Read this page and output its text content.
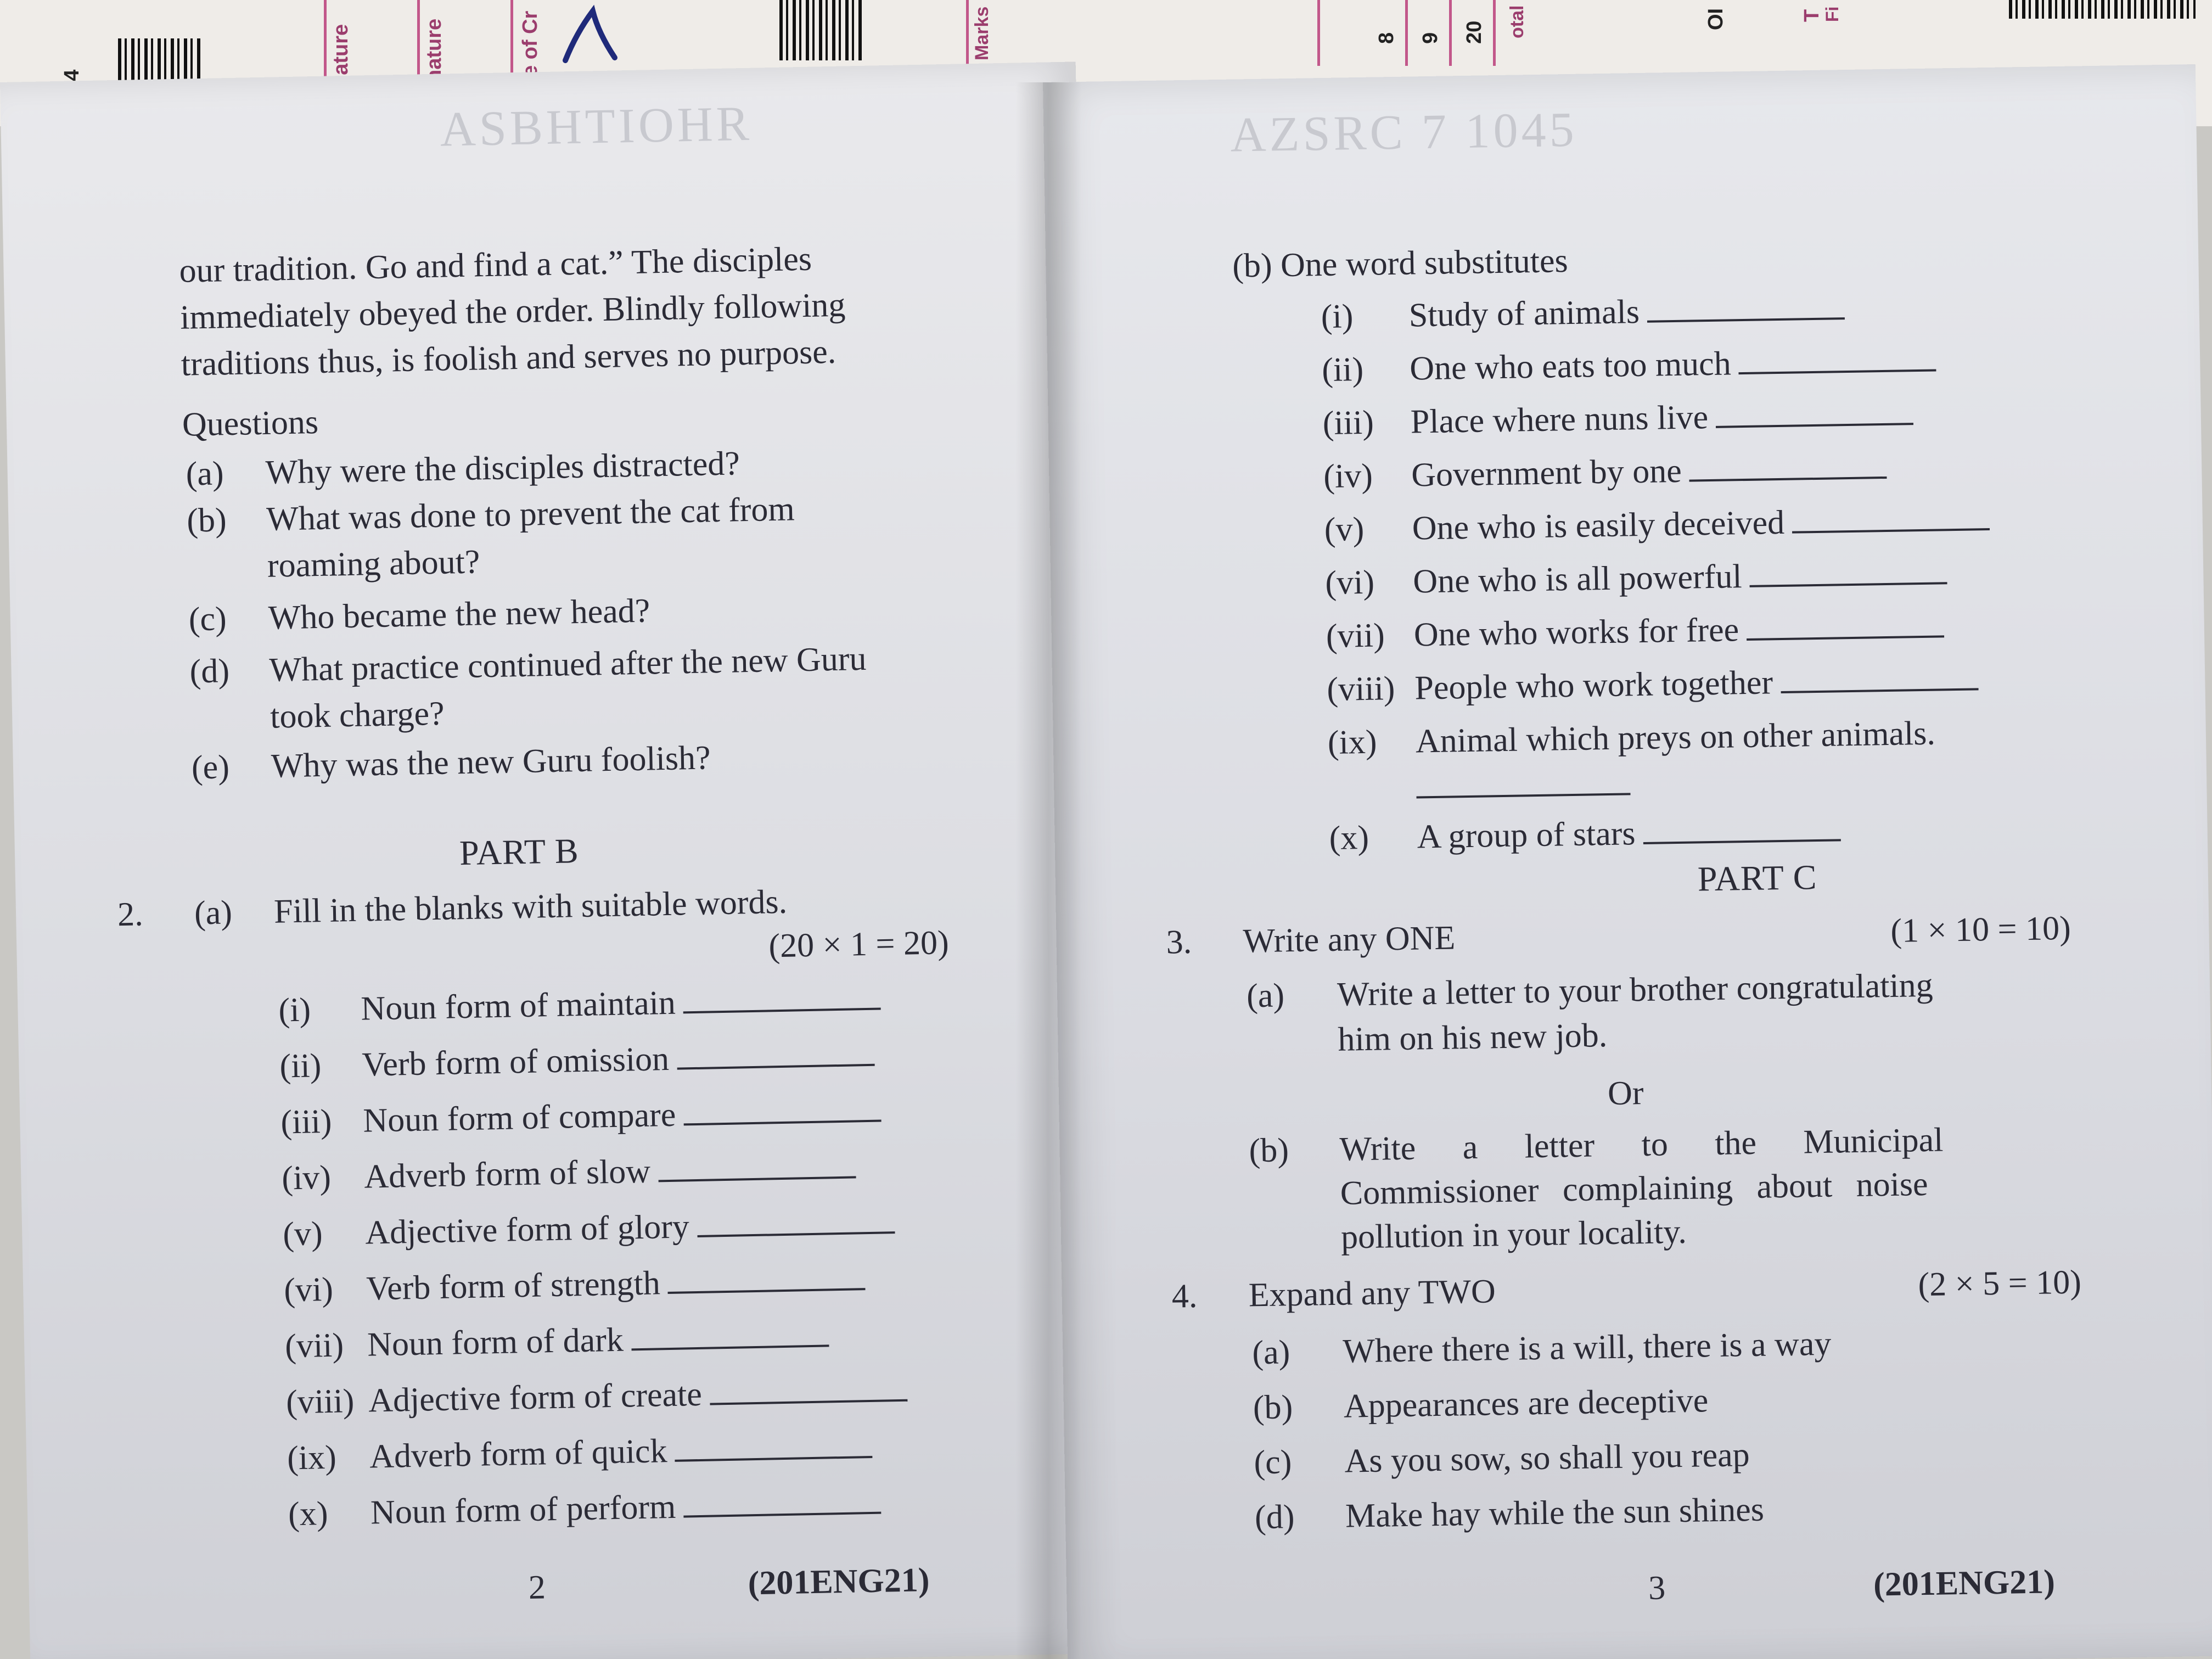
nature	nature	e of Cr	Marks	8 9 20 otal	OI	Fi
T
ASBHTIOHR
our tradition. Go and find a cat.” The disciples
immediately obeyed the order. Blindly following
traditions thus, is foolish and serves no purpose.
Questions
(a) Why were the disciples distracted?
(b) What was done to prevent the cat from
roaming about?
(c) Who became the new head?
(d) What practice continued after the new Guru
took charge?
(e) Why was the new Guru foolish?
PART B
2. (a) Fill in the blanks with suitable words.
(20 × 1 = 20)
(i) Noun form of maintain
(ii) Verb form of omission
(iii) Noun form of compare
(iv) Adverb form of slow
(v) Adjective form of glory
(vi) Verb form of strength
(vii) Noun form of dark
(viii) Adjective form of create
(ix) Adverb form of quick
(x) Noun form of perform
2	(201ENG21)
AZSRC 7 1045
(b) One word substitutes
(i) Study of animals
(ii) One who eats too much
(iii) Place where nuns live
(iv) Government by one
(v) One who is easily deceived
(vi) One who is all powerful
(vii) One who works for free
(viii) People who work together
(ix) Animal which preys on other animals.
(x) A group of stars
PART C
3. Write any ONE	(1 × 10 = 10)
(a) Write a letter to your brother congratulating
him on his new job.
Or
(b) Write a letter to the Municipal
Commissioner complaining about noise
pollution in your locality.
4. Expand any TWO	(2 × 5 = 10)
(a) Where there is a will, there is a way
(b) Appearances are deceptive
(c) As you sow, so shall you reap
(d) Make hay while the sun shines
3	(201ENG21)
